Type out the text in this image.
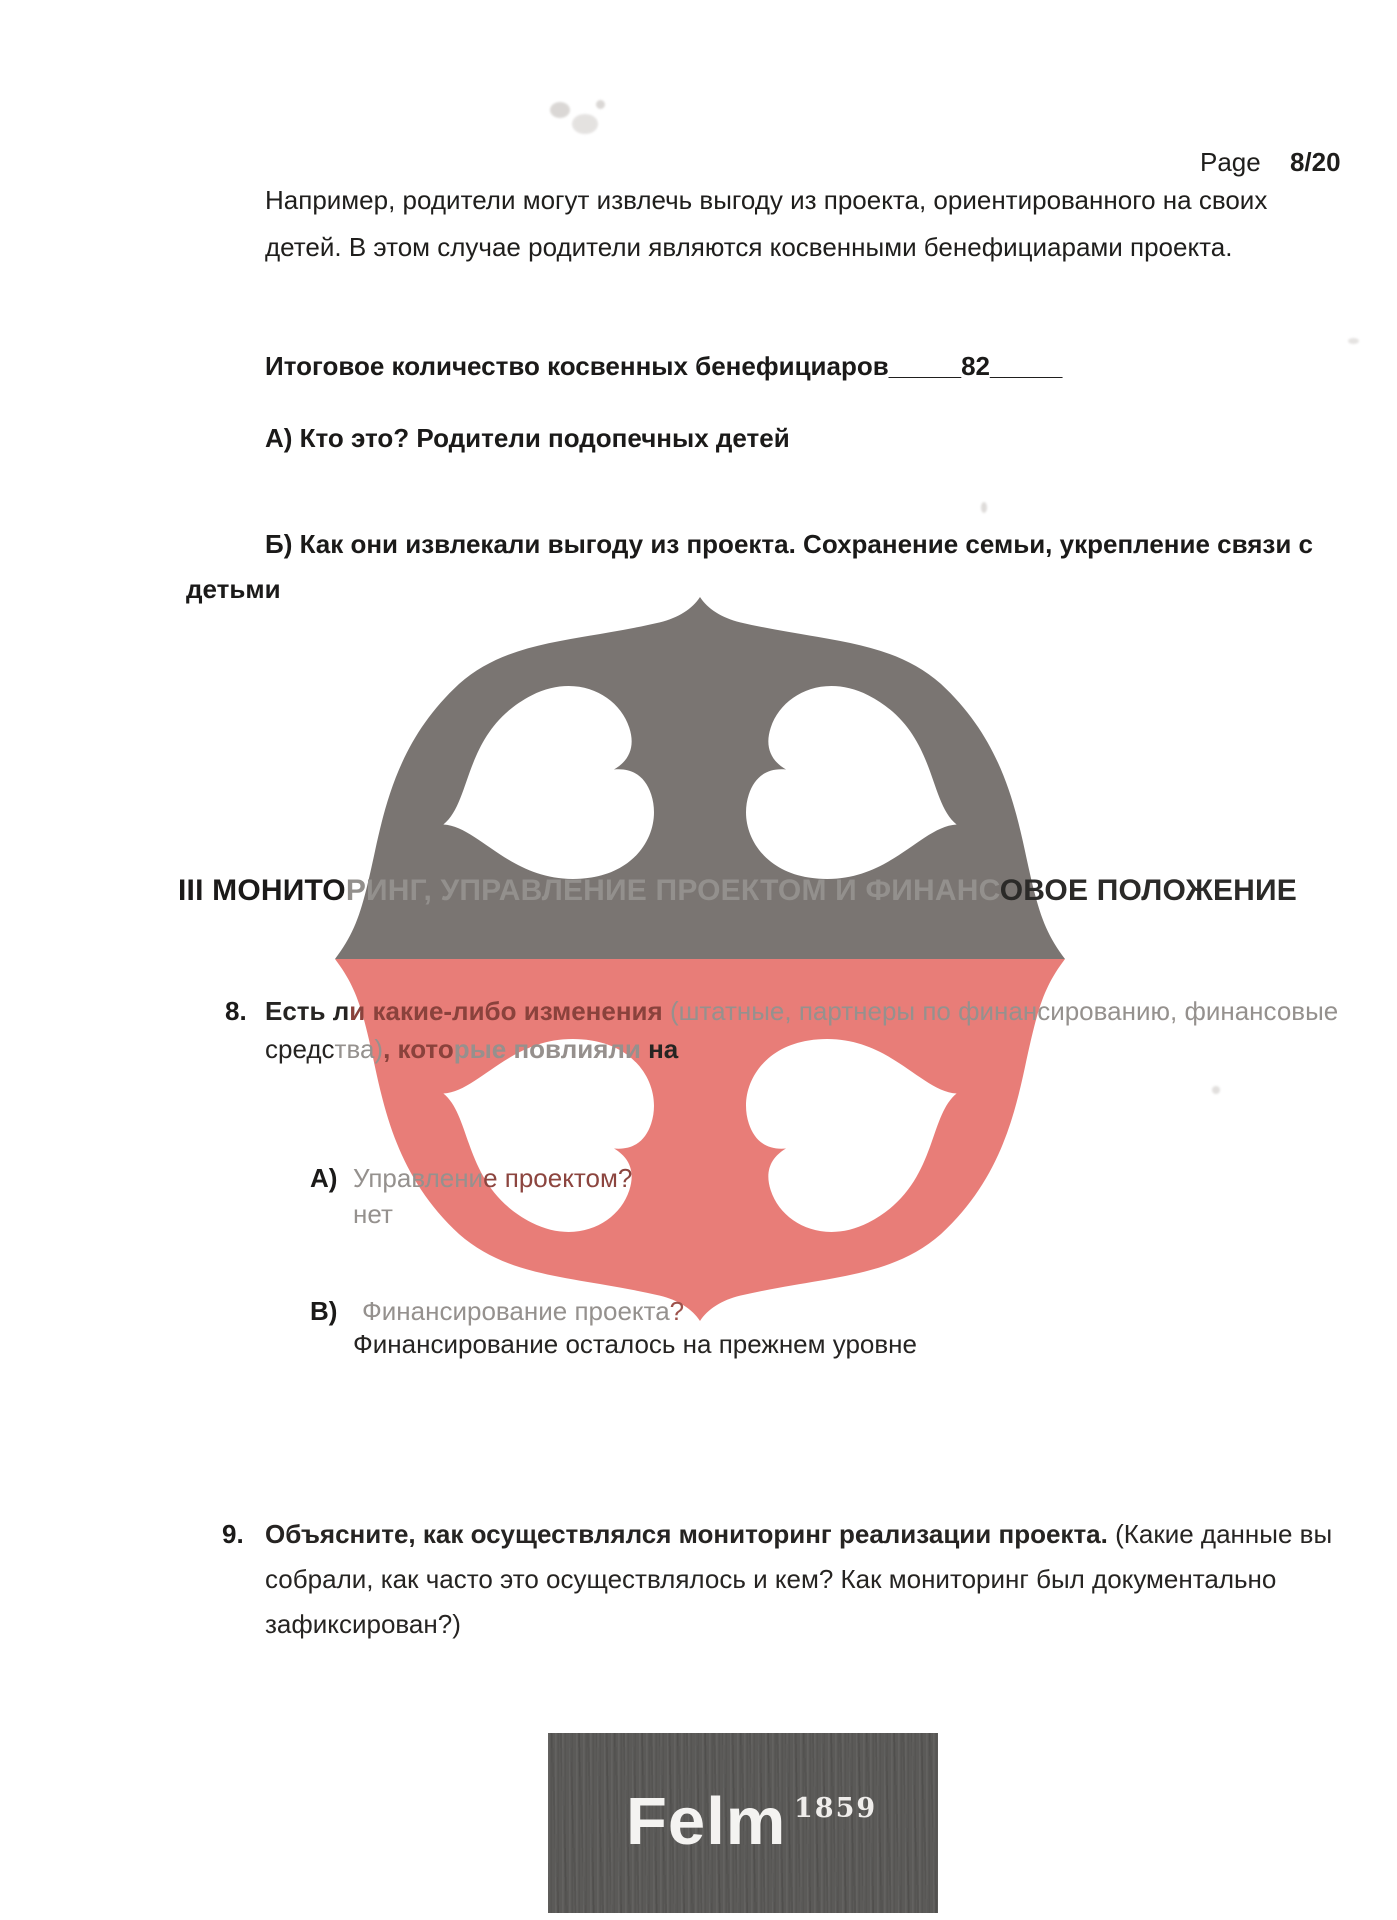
Page 8/20
Например, родители могут извлечь выгоду из проекта, ориентированного на своих
детей. В этом случае родители являются косвенными бенефициарами проекта.
Итоговое количество косвенных бенефициаров_____82_____
А) Кто это? Родители подопечных детей
Б) Как они извлекали выгоду из проекта. Сохранение семьи, укрепление связи с
детьми
III МОНИТОРИНГ, УПРАВЛЕНИЕ ПРОЕКТОМ И ФИНАНСОВОЕ ПОЛОЖЕНИЕ
8. Есть ли какие-либо изменения (штатные, партнеры по финансированию, финансовые
средства), которые повлияли на
А) Управление проектом?
нет
В) Финансирование проекта?
Финансирование осталось на прежнем уровне
9. Объясните, как осуществлялся мониторинг реализации проекта. (Какие данные вы
собрали, как часто это осуществлялось и кем? Как мониторинг был документально
зафиксирован?)
Felm 1859
